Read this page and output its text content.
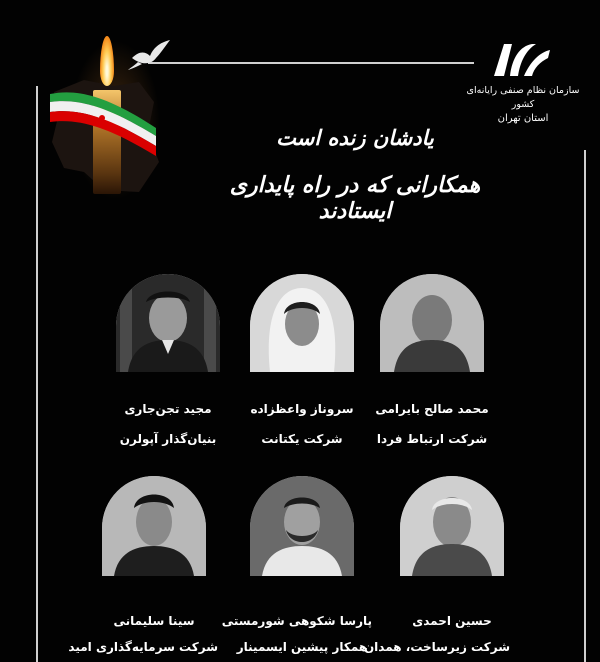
سازمان نظام صنفی رایانه‌ای کشور
استان تهران
یادشان زنده است
همکارانی که در راه پایداری ایستادند
محمد صالح بایرامی
شرکت ارتباط فردا
سروناز واعظزاده
شرکت یکتانت
مجید تجن‌جاری
بنیان‌گذار آپولرن
حسین احمدی
شرکت زیرساخت، همدان
پارسا شکوهی شورمستی
همکار پیشین ایسمینار
سینا سلیمانی
شرکت سرمایه‌گذاری امید
